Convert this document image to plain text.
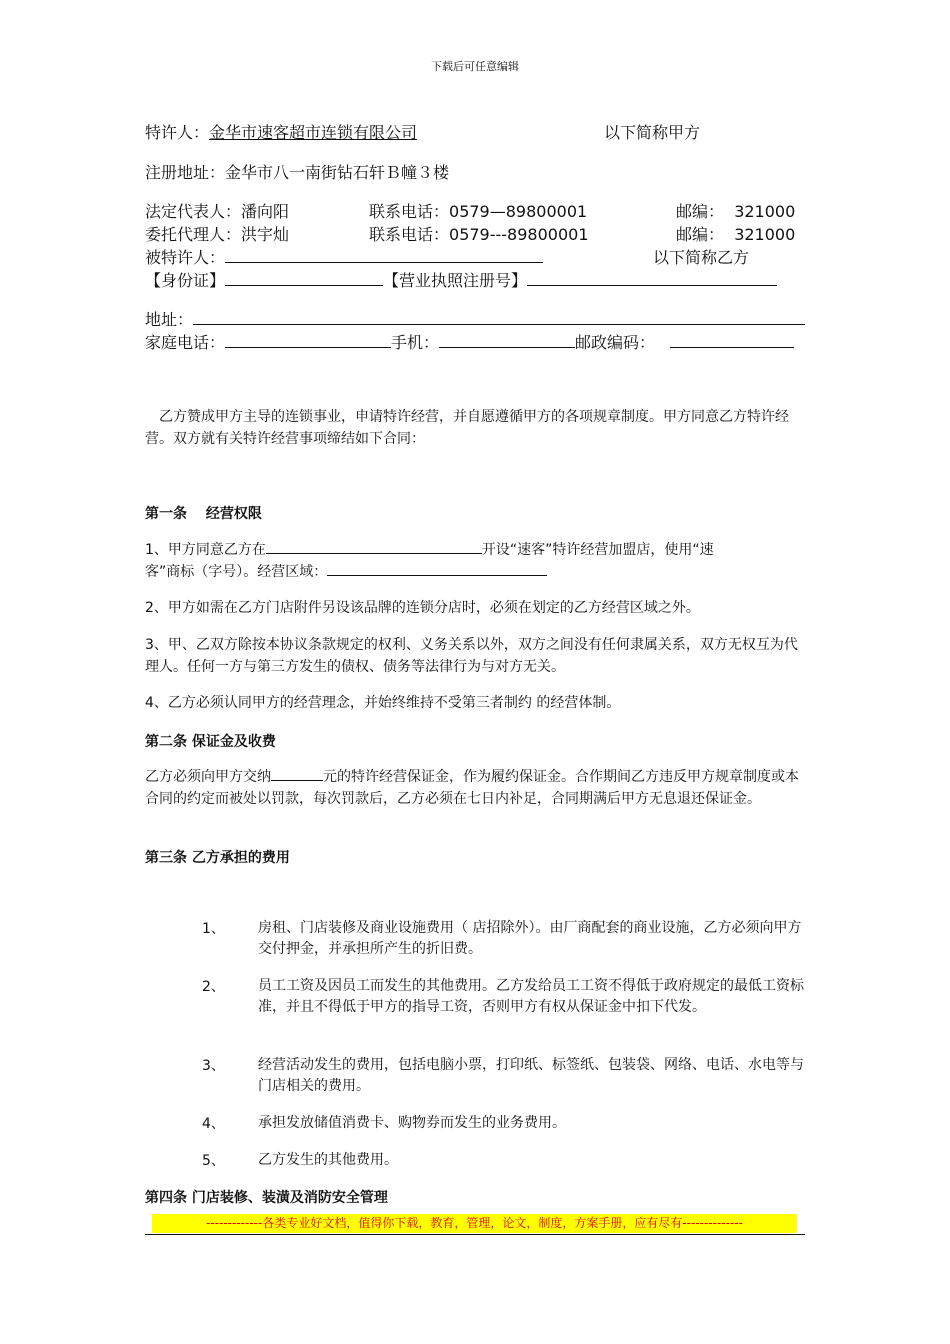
下载后可任意编辑
特许人：金华市速客超市连锁有限公司	以下简称甲方
注册地址：金华市八一南街钻石轩Ｂ幢３楼
法定代表人：潘向阳	联系电话：0579—89800001	邮编： 321000
委托代理人：洪宇灿	联系电话：0579---89800001	邮编： 321000
被特许人：	以下简称乙方
【身份证】	【营业执照注册号】
地址：
家庭电话：	手机：	邮政编码：
乙方赞成甲方主导的连锁事业，申请特许经营，并自愿遵循甲方的各项规章制度。甲方同意乙方特许经营。双方就有关特许经营事项缔结如下合同：
第一条　 经营权限
1、甲方同意乙方在	开设“速客”特许经营加盟店，使用“速
客”商标（字号）。经营区域：
2、甲方如需在乙方门店附件另设该品牌的连锁分店时，必须在划定的乙方经营区域之外。
3、甲、乙双方除按本协议条款规定的权利、义务关系以外，双方之间没有任何隶属关系，双方无权互为代理人。任何一方与第三方发生的债权、债务等法律行为与对方无关。
4、乙方必须认同甲方的经营理念，并始终维持不受第三者制约 的经营体制。
第二条 保证金及收费
乙方必须向甲方交纳	元的特许经营保证金，作为履约保证金。合作期间乙方违反甲方规章制度或本合同的约定而被处以罚款，每次罚款后，乙方必须在七日内补足，合同期满后甲方无息退还保证金。
第三条 乙方承担的费用
1、 房租、门店装修及商业设施费用（ 店招除外）。由厂商配套的商业设施，乙方必须向甲方交付押金，并承担所产生的折旧费。
2、 员工工资及因员工而发生的其他费用。乙方发给员工工资不得低于政府规定的最低工资标准，并且不得低于甲方的指导工资，否则甲方有权从保证金中扣下代发。
3、 经营活动发生的费用，包括电脑小票，打印纸、标签纸、包装袋、网络、电话、水电等与门店相关的费用。
4、 承担发放储值消费卡、购物券而发生的业务费用。
5、 乙方发生的其他费用。
第四条 门店装修、装潢及消防安全管理
-------------各类专业好文档，值得你下载，教育，管理，论文，制度，方案手册，应有尽有--------------
